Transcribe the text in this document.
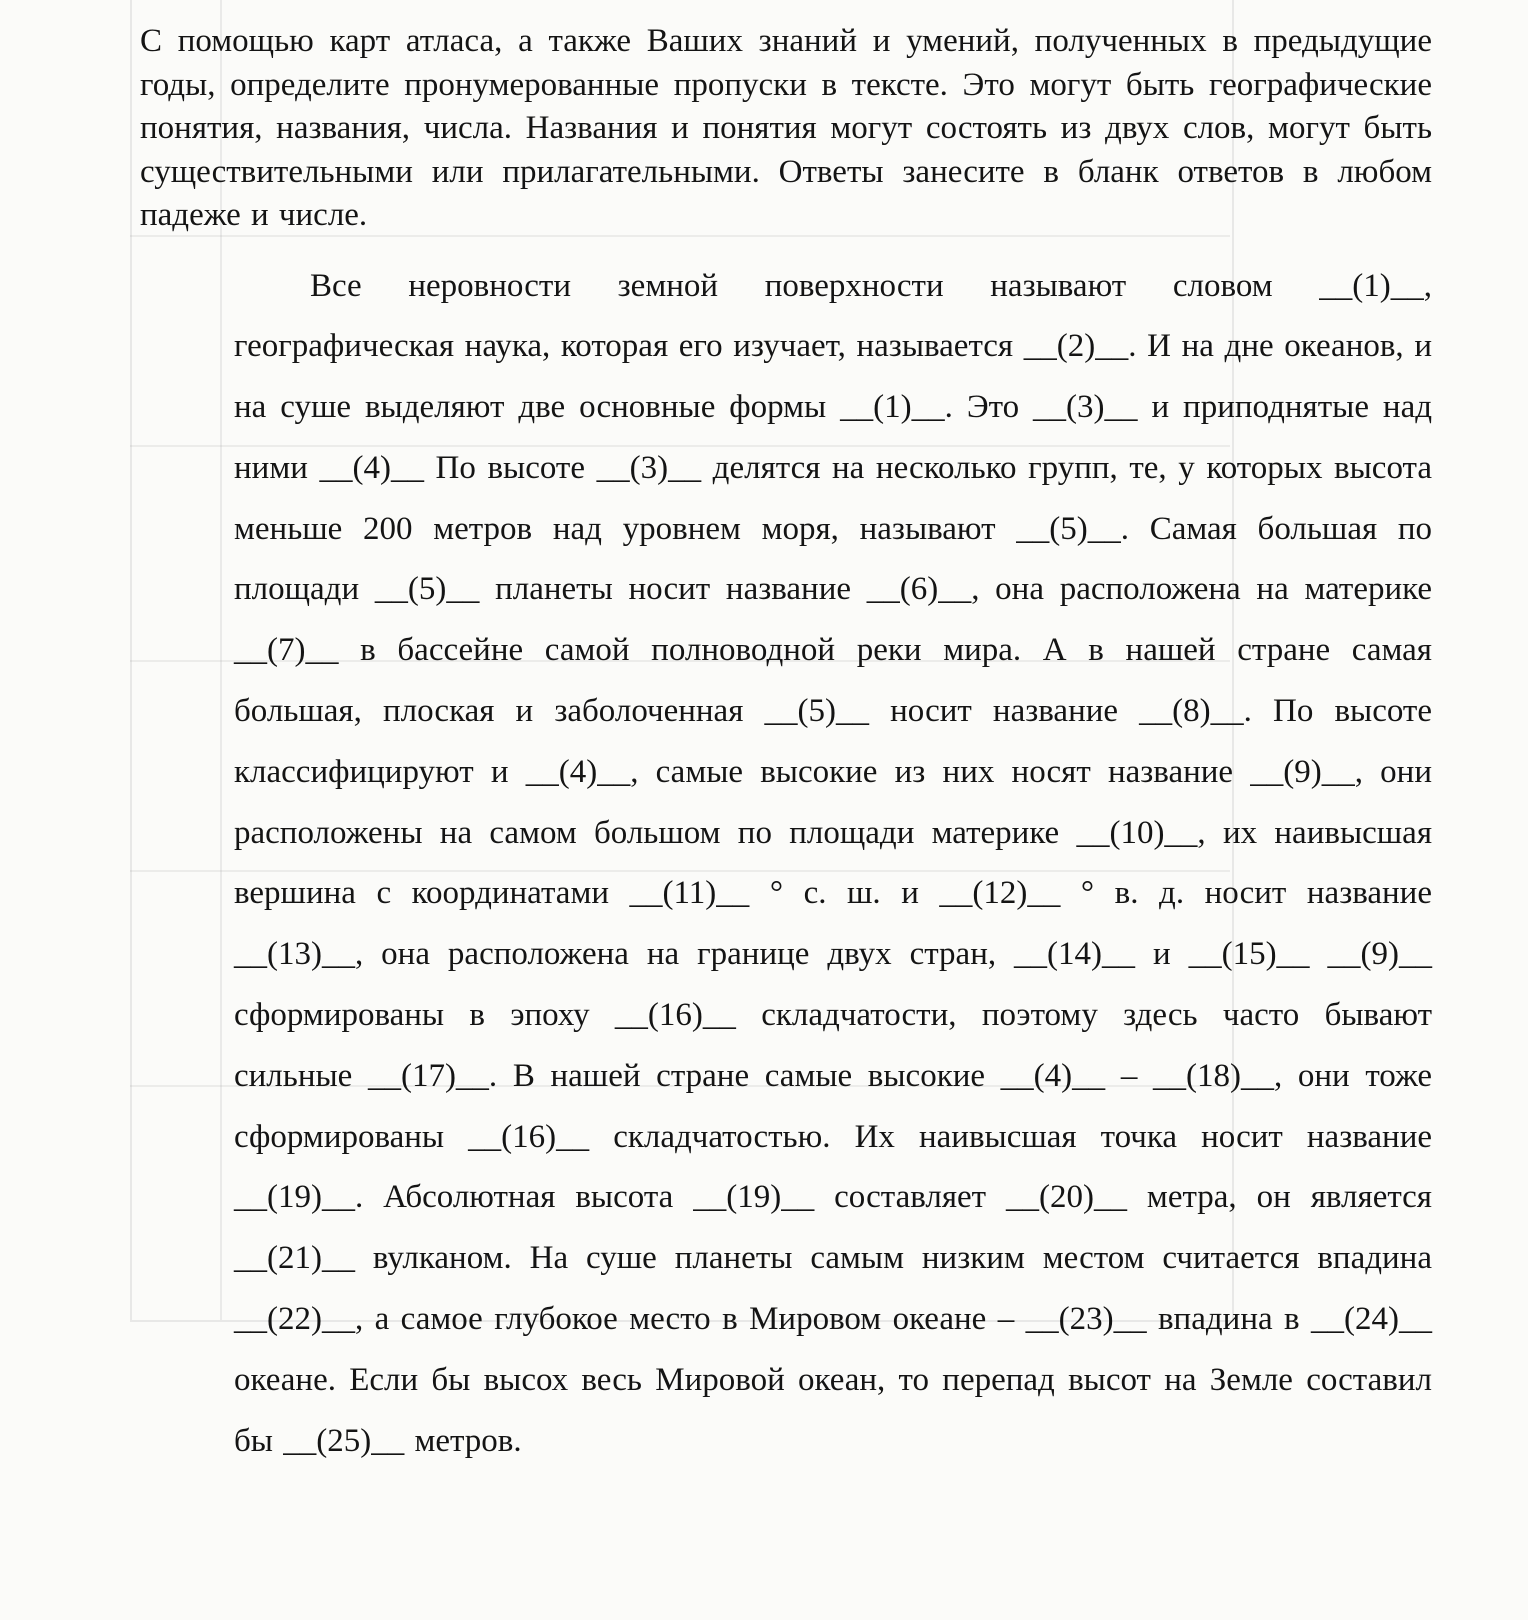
С помощью карт атласа, а также Ваших знаний и умений, полученных в предыдущие годы, определите пронумерованные пропуски в тексте. Это могут быть географические понятия, названия, числа. Названия и понятия могут состоять из двух слов, могут быть существительными или прилагательными. Ответы занесите в бланк ответов в любом падеже и числе.

Все неровности земной поверхности называют словом __(1)__, географическая наука, которая его изучает, называется __(2)__. И на дне океанов, и на суше выделяют две основные формы __(1)__. Это __(3)__ и приподнятые над ними __(4)__ По высоте __(3)__ делятся на несколько групп, те, у которых высота меньше 200 метров над уровнем моря, называют __(5)__. Самая большая по площади __(5)__ планеты носит название __(6)__, она расположена на материке __(7)__ в бассейне самой полноводной реки мира. А в нашей стране самая большая, плоская и заболоченная __(5)__ носит название __(8)__. По высоте классифицируют и __(4)__, самые высокие из них носят название __(9)__, они расположены на самом большом по площади материке __(10)__, их наивысшая вершина с координатами __(11)__ ° с. ш. и __(12)__ ° в. д. носит название __(13)__, она расположена на границе двух стран, __(14)__ и __(15)__ __(9)__ сформированы в эпоху __(16)__ складчатости, поэтому здесь часто бывают сильные __(17)__. В нашей стране самые высокие __(4)__ – __(18)__, они тоже сформированы __(16)__ складчатостью. Их наивысшая точка носит название __(19)__. Абсолютная высота __(19)__ составляет __(20)__ метра, он является __(21)__ вулканом. На суше планеты самым низким местом считается впадина __(22)__, а самое глубокое место в Мировом океане – __(23)__ впадина в __(24)__ океане. Если бы высох весь Мировой океан, то перепад высот на Земле составил бы __(25)__ метров.
